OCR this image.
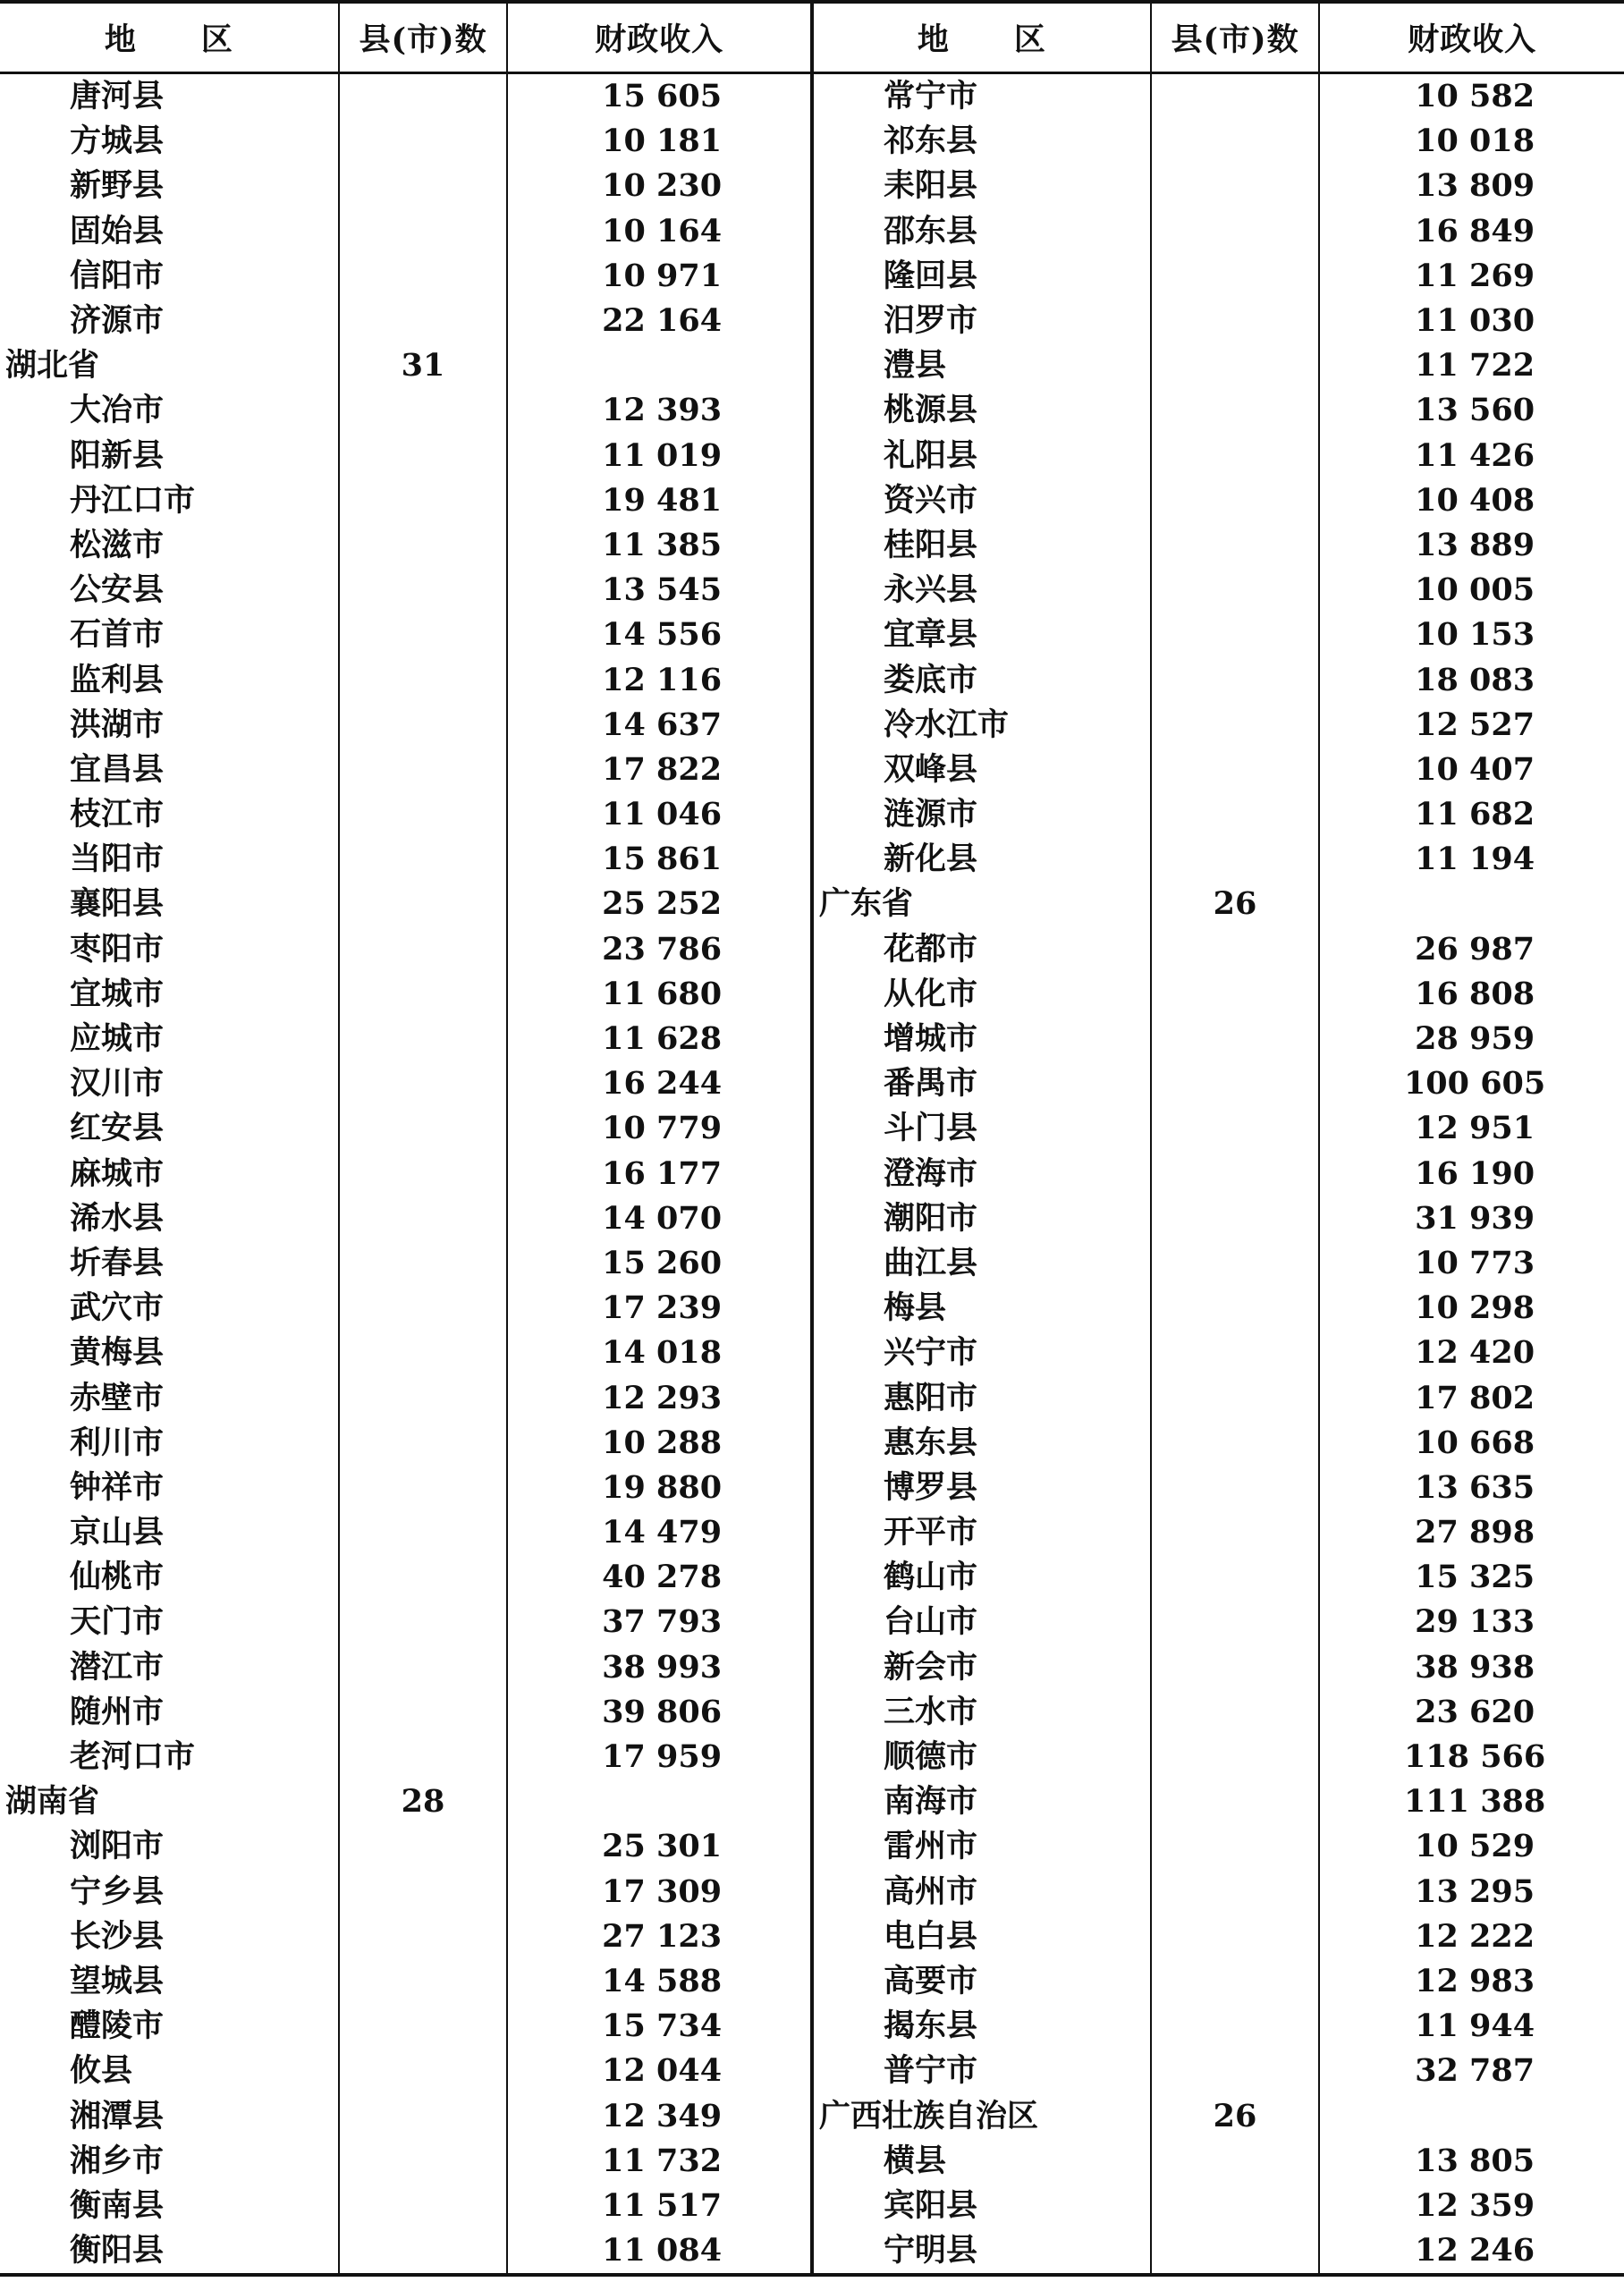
地　　区	县(市)数	财政收入	地　　区	县(市)数	财政收入
唐河县		15 605	常宁市		10 582
方城县		10 181	祁东县		10 018
新野县		10 230	耒阳县		13 809
固始县		10 164	邵东县		16 849
信阳市		10 971	隆回县		11 269
济源市		22 164	汨罗市		11 030
湖北省	31		澧县		11 722
大冶市		12 393	桃源县		13 560
阳新县		11 019	礼阳县		11 426
丹江口市		19 481	资兴市		10 408
松滋市		11 385	桂阳县		13 889
公安县		13 545	永兴县		10 005
石首市		14 556	宜章县		10 153
监利县		12 116	娄底市		18 083
洪湖市		14 637	冷水江市		12 527
宜昌县		17 822	双峰县		10 407
枝江市		11 046	涟源市		11 682
当阳市		15 861	新化县		11 194
襄阳县		25 252	广东省	26	
枣阳市		23 786	花都市		26 987
宜城市		11 680	从化市		16 808
应城市		11 628	增城市		28 959
汉川市		16 244	番禺市		100 605
红安县		10 779	斗门县		12 951
麻城市		16 177	澄海市		16 190
浠水县		14 070	潮阳市		31 939
圻春县		15 260	曲江县		10 773
武穴市		17 239	梅县		10 298
黄梅县		14 018	兴宁市		12 420
赤壁市		12 293	惠阳市		17 802
利川市		10 288	惠东县		10 668
钟祥市		19 880	博罗县		13 635
京山县		14 479	开平市		27 898
仙桃市		40 278	鹤山市		15 325
天门市		37 793	台山市		29 133
潜江市		38 993	新会市		38 938
随州市		39 806	三水市		23 620
老河口市		17 959	顺德市		118 566
湖南省	28		南海市		111 388
浏阳市		25 301	雷州市		10 529
宁乡县		17 309	高州市		13 295
长沙县		27 123	电白县		12 222
望城县		14 588	高要市		12 983
醴陵市		15 734	揭东县		11 944
攸县		12 044	普宁市		32 787
湘潭县		12 349	广西壮族自治区	26	
湘乡市		11 732	横县		13 805
衡南县		11 517	宾阳县		12 359
衡阳县		11 084	宁明县		12 246
